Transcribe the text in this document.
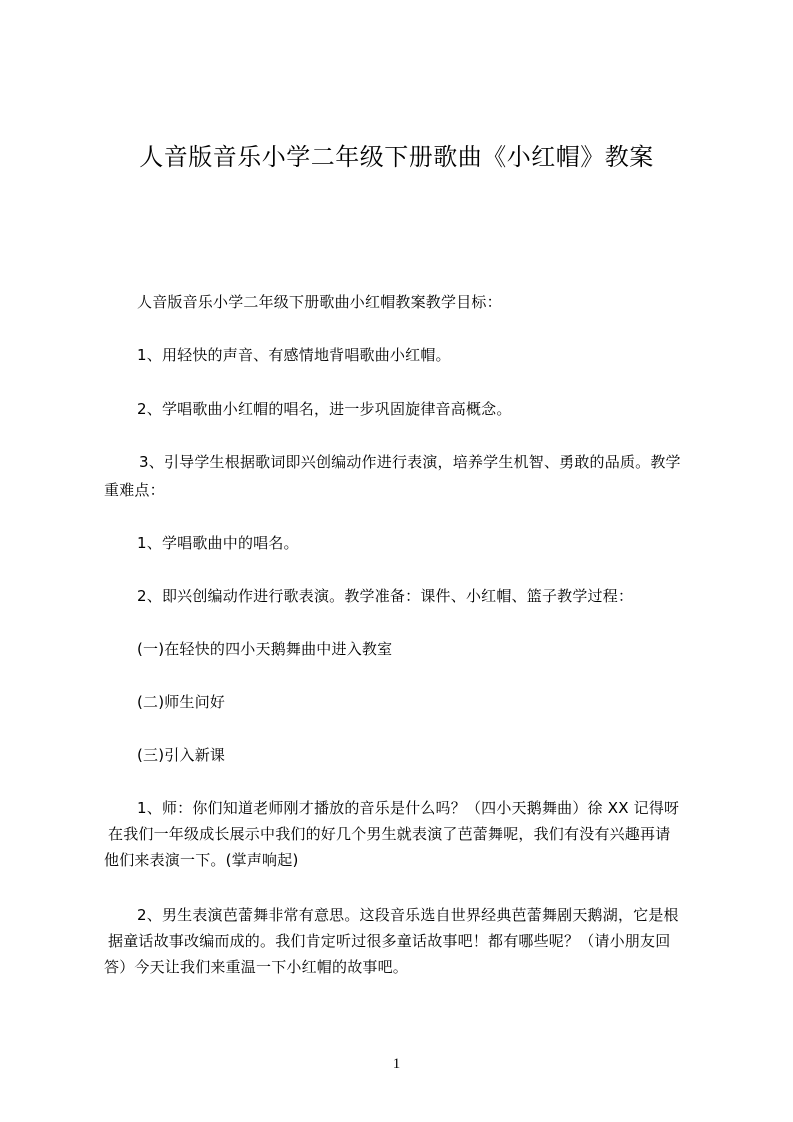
人音版音乐小学二年级下册歌曲《小红帽》教案
人音版音乐小学二年级下册歌曲小红帽教案教学目标：
1、用轻快的声音、有感情地背唱歌曲小红帽。
2、学唱歌曲小红帽的唱名，进一步巩固旋律音高概念。
3、引导学生根据歌词即兴创编动作进行表演，培养学生机智、勇敢的品质。教学
重难点：
1、学唱歌曲中的唱名。
2、即兴创编动作进行歌表演。教学准备：课件、小红帽、篮子教学过程：
(一)在轻快的四小天鹅舞曲中进入教室
(二)师生问好
(三)引入新课
1、师：你们知道老师刚才播放的音乐是什么吗？（四小天鹅舞曲）徐 XX 记得呀
在我们一年级成长展示中我们的好几个男生就表演了芭蕾舞呢，我们有没有兴趣再请
他们来表演一下。(掌声响起)
2、男生表演芭蕾舞非常有意思。这段音乐选自世界经典芭蕾舞剧天鹅湖，它是根
据童话故事改编而成的。我们肯定听过很多童话故事吧！都有哪些呢？（请小朋友回
答）今天让我们来重温一下小红帽的故事吧。
1
